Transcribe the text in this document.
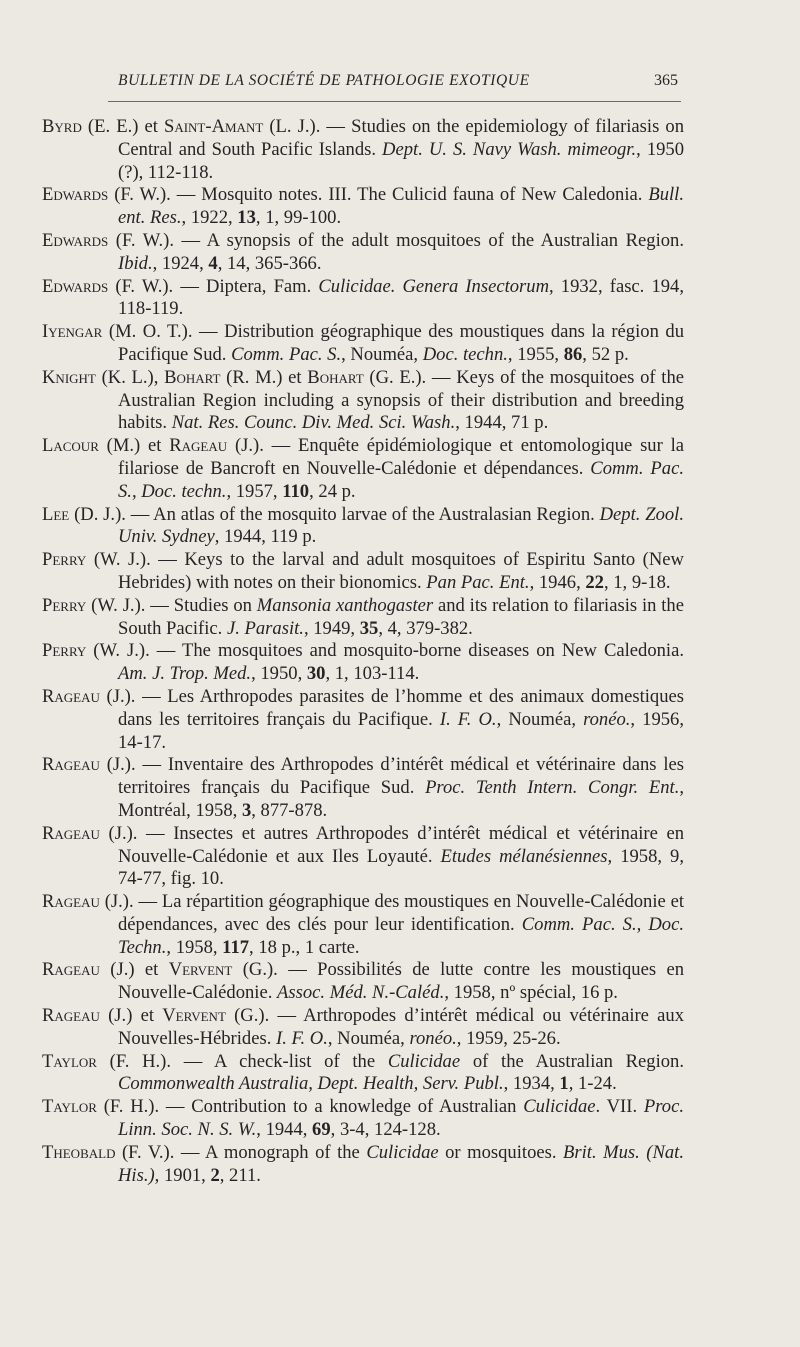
BULLETIN DE LA SOCIÉTÉ DE PATHOLOGIE EXOTIQUE	365

Byrd (E. E.) et Saint-Amant (L. J.). — Studies on the epidemiology of filariasis on Central and South Pacific Islands. Dept. U. S. Navy Wash. mimeogr., 1950 (?), 112-118.

Edwards (F. W.). — Mosquito notes. III. The Culicid fauna of New Caledonia. Bull. ent. Res., 1922, 13, 1, 99-100.

Edwards (F. W.). — A synopsis of the adult mosquitoes of the Australian Region. Ibid., 1924, 4, 14, 365-366.

Edwards (F. W.). — Diptera, Fam. Culicidae. Genera Insectorum, 1932, fasc. 194, 118-119.

Iyengar (M. O. T.). — Distribution géographique des moustiques dans la région du Pacifique Sud. Comm. Pac. S., Nouméa, Doc. techn., 1955, 86, 52 p.

Knight (K. L.), Bohart (R. M.) et Bohart (G. E.). — Keys of the mosquitoes of the Australian Region including a synopsis of their distribution and breeding habits. Nat. Res. Counc. Div. Med. Sci. Wash., 1944, 71 p.

Lacour (M.) et Rageau (J.). — Enquête épidémiologique et entomologique sur la filariose de Bancroft en Nouvelle-Calédonie et dépendances. Comm. Pac. S., Doc. techn., 1957, 110, 24 p.

Lee (D. J.). — An atlas of the mosquito larvae of the Australasian Region. Dept. Zool. Univ. Sydney, 1944, 119 p.

Perry (W. J.). — Keys to the larval and adult mosquitoes of Espiritu Santo (New Hebrides) with notes on their bionomics. Pan Pac. Ent., 1946, 22, 1, 9-18.

Perry (W. J.). — Studies on Mansonia xanthogaster and its relation to filariasis in the South Pacific. J. Parasit., 1949, 35, 4, 379-382.

Perry (W. J.). — The mosquitoes and mosquito-borne diseases on New Caledonia. Am. J. Trop. Med., 1950, 30, 1, 103-114.

Rageau (J.). — Les Arthropodes parasites de l’homme et des animaux domestiques dans les territoires français du Pacifique. I. F. O., Nouméa, ronéo., 1956, 14-17.

Rageau (J.). — Inventaire des Arthropodes d’intérêt médical et vétérinaire dans les territoires français du Pacifique Sud. Proc. Tenth Intern. Congr. Ent., Montréal, 1958, 3, 877-878.

Rageau (J.). — Insectes et autres Arthropodes d’intérêt médical et vétérinaire en Nouvelle-Calédonie et aux Iles Loyauté. Etudes mélanésiennes, 1958, 9, 74-77, fig. 10.

Rageau (J.). — La répartition géographique des moustiques en Nouvelle-Calédonie et dépendances, avec des clés pour leur identification. Comm. Pac. S., Doc. Techn., 1958, 117, 18 p., 1 carte.

Rageau (J.) et Vervent (G.). — Possibilités de lutte contre les moustiques en Nouvelle-Calédonie. Assoc. Méd. N.-Caléd., 1958, nº spécial, 16 p.

Rageau (J.) et Vervent (G.). — Arthropodes d’intérêt médical ou vétérinaire aux Nouvelles-Hébrides. I. F. O., Nouméa, ronéo., 1959, 25-26.

Taylor (F. H.). — A check-list of the Culicidae of the Australian Region. Commonwealth Australia, Dept. Health, Serv. Publ., 1934, 1, 1-24.

Taylor (F. H.). — Contribution to a knowledge of Australian Culicidae. VII. Proc. Linn. Soc. N. S. W., 1944, 69, 3-4, 124-128.

Theobald (F. V.). — A monograph of the Culicidae or mosquitoes. Brit. Mus. (Nat. His.), 1901, 2, 211.
